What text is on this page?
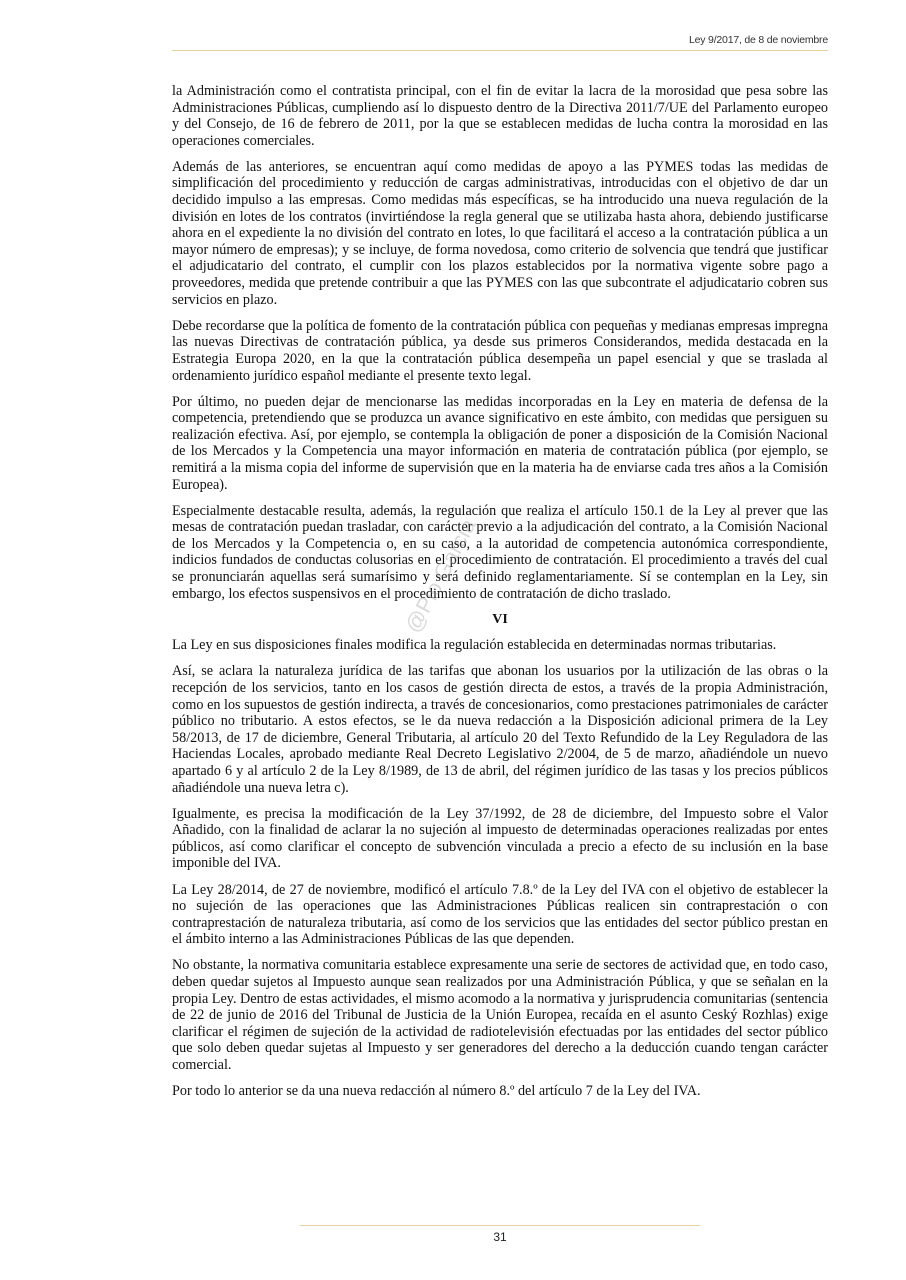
Ley 9/2017, de 8 de noviembre

la Administración como el contratista principal, con el fin de evitar la lacra de la morosidad que pesa sobre las Administraciones Públicas, cumpliendo así lo dispuesto dentro de la Directiva 2011/7/UE del Parlamento europeo y del Consejo, de 16 de febrero de 2011, por la que se establecen medidas de lucha contra la morosidad en las operaciones comerciales.

Además de las anteriores, se encuentran aquí como medidas de apoyo a las PYMES todas las medidas de simplificación del procedimiento y reducción de cargas administrativas, introducidas con el objetivo de dar un decidido impulso a las empresas. Como medidas más específicas, se ha introducido una nueva regulación de la división en lotes de los contratos (invirtiéndose la regla general que se utilizaba hasta ahora, debiendo justificarse ahora en el expediente la no división del contrato en lotes, lo que facilitará el acceso a la contratación pública a un mayor número de empresas); y se incluye, de forma novedosa, como criterio de solvencia que tendrá que justificar el adjudicatario del contrato, el cumplir con los plazos establecidos por la normativa vigente sobre pago a proveedores, medida que pretende contribuir a que las PYMES con las que subcontrate el adjudicatario cobren sus servicios en plazo.

Debe recordarse que la política de fomento de la contratación pública con pequeñas y medianas empresas impregna las nuevas Directivas de contratación pública, ya desde sus primeros Considerandos, medida destacada en la Estrategia Europa 2020, en la que la contratación pública desempeña un papel esencial y que se traslada al ordenamiento jurídico español mediante el presente texto legal.

Por último, no pueden dejar de mencionarse las medidas incorporadas en la Ley en materia de defensa de la competencia, pretendiendo que se produzca un avance significativo en este ámbito, con medidas que persiguen su realización efectiva. Así, por ejemplo, se contempla la obligación de poner a disposición de la Comisión Nacional de los Mercados y la Competencia una mayor información en materia de contratación pública (por ejemplo, se remitirá a la misma copia del informe de supervisión que en la materia ha de enviarse cada tres años a la Comisión Europea).

Especialmente destacable resulta, además, la regulación que realiza el artículo 150.1 de la Ley al prever que las mesas de contratación puedan trasladar, con carácter previo a la adjudicación del contrato, a la Comisión Nacional de los Mercados y la Competencia o, en su caso, a la autoridad de competencia autonómica correspondiente, indicios fundados de conductas colusorias en el procedimiento de contratación. El procedimiento a través del cual se pronunciarán aquellas será sumarísimo y será definido reglamentariamente. Sí se contemplan en la Ley, sin embargo, los efectos suspensivos en el procedimiento de contratación de dicho traslado.

VI

La Ley en sus disposiciones finales modifica la regulación establecida en determinadas normas tributarias.

Así, se aclara la naturaleza jurídica de las tarifas que abonan los usuarios por la utilización de las obras o la recepción de los servicios, tanto en los casos de gestión directa de estos, a través de la propia Administración, como en los supuestos de gestión indirecta, a través de concesionarios, como prestaciones patrimoniales de carácter público no tributario. A estos efectos, se le da nueva redacción a la Disposición adicional primera de la Ley 58/2013, de 17 de diciembre, General Tributaria, al artículo 20 del Texto Refundido de la Ley Reguladora de las Haciendas Locales, aprobado mediante Real Decreto Legislativo 2/2004, de 5 de marzo, añadiéndole un nuevo apartado 6 y al artículo 2 de la Ley 8/1989, de 13 de abril, del régimen jurídico de las tasas y los precios públicos añadiéndole una nueva letra c).

Igualmente, es precisa la modificación de la Ley 37/1992, de 28 de diciembre, del Impuesto sobre el Valor Añadido, con la finalidad de aclarar la no sujeción al impuesto de determinadas operaciones realizadas por entes públicos, así como clarificar el concepto de subvención vinculada a precio a efecto de su inclusión en la base imponible del IVA.

La Ley 28/2014, de 27 de noviembre, modificó el artículo 7.8.º de la Ley del IVA con el objetivo de establecer la no sujeción de las operaciones que las Administraciones Públicas realicen sin contraprestación o con contraprestación de naturaleza tributaria, así como de los servicios que las entidades del sector público prestan en el ámbito interno a las Administraciones Públicas de las que dependen.

No obstante, la normativa comunitaria establece expresamente una serie de sectores de actividad que, en todo caso, deben quedar sujetos al Impuesto aunque sean realizados por una Administración Pública, y que se señalan en la propia Ley. Dentro de estas actividades, el mismo acomodo a la normativa y jurisprudencia comunitarias (sentencia de 22 de junio de 2016 del Tribunal de Justicia de la Unión Europea, recaída en el asunto Ceský Rozhlas) exige clarificar el régimen de sujeción de la actividad de radiotelevisión efectuadas por las entidades del sector público que solo deben quedar sujetas al Impuesto y ser generadores del derecho a la deducción cuando tengan carácter comercial.

Por todo lo anterior se da una nueva redacción al número 8.º del artículo 7 de la Ley del IVA.

@Pio Garcia
31
